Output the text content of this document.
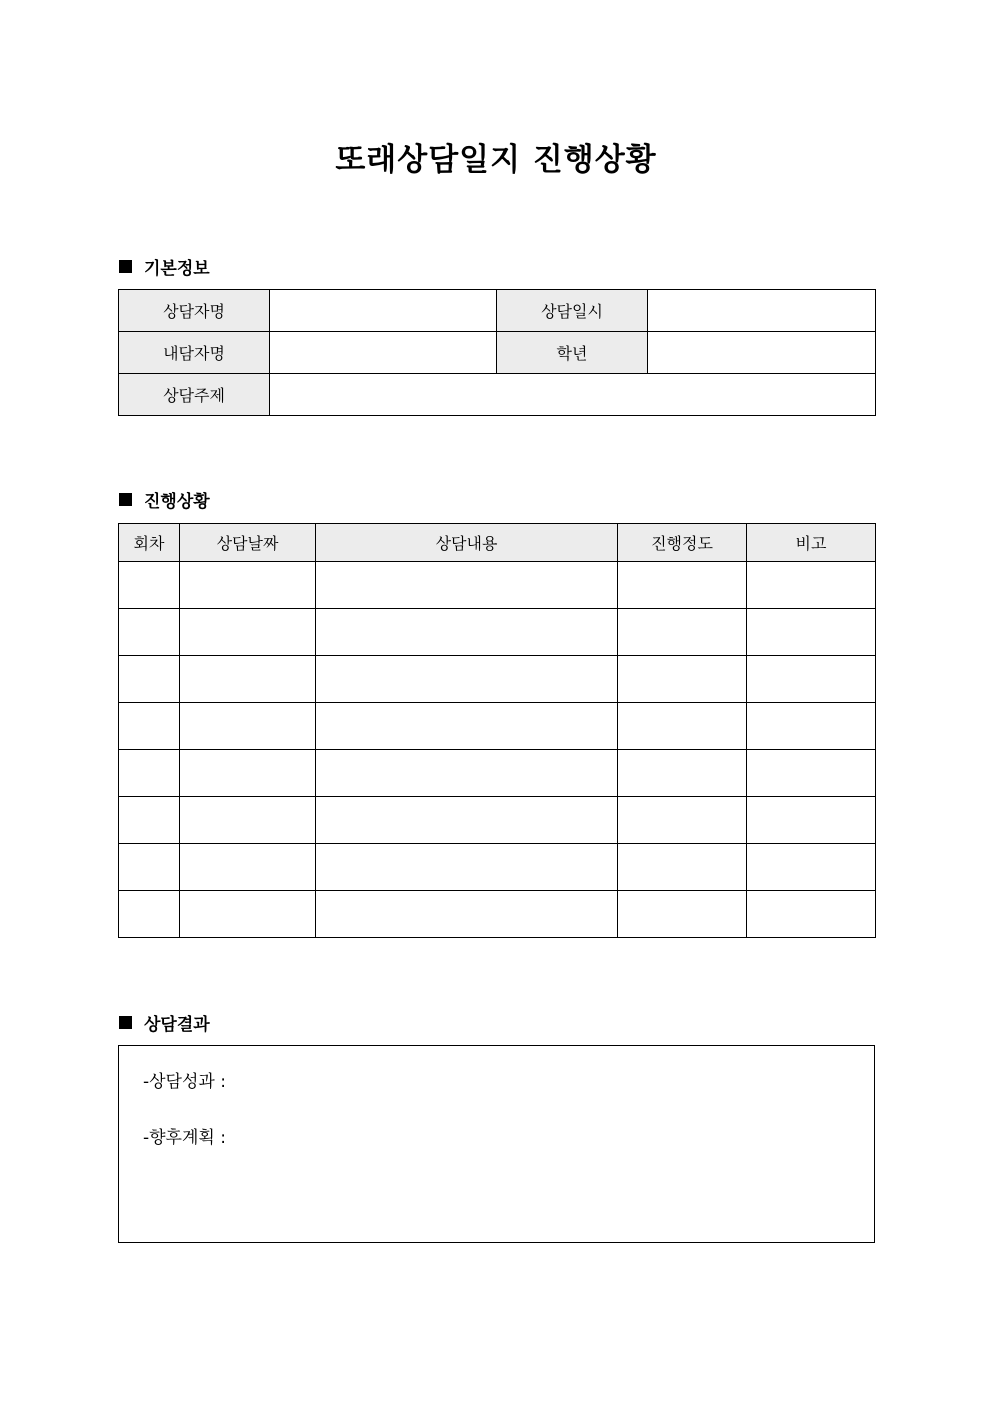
또래상담일지 진행상황
기본정보
상담자명		상담일시	
내담자명		학년	
상담주제			
진행상황
회차	상담날짜	상담내용	진행정도	비고

상담결과
-상담성과 :
-향후계획 :
